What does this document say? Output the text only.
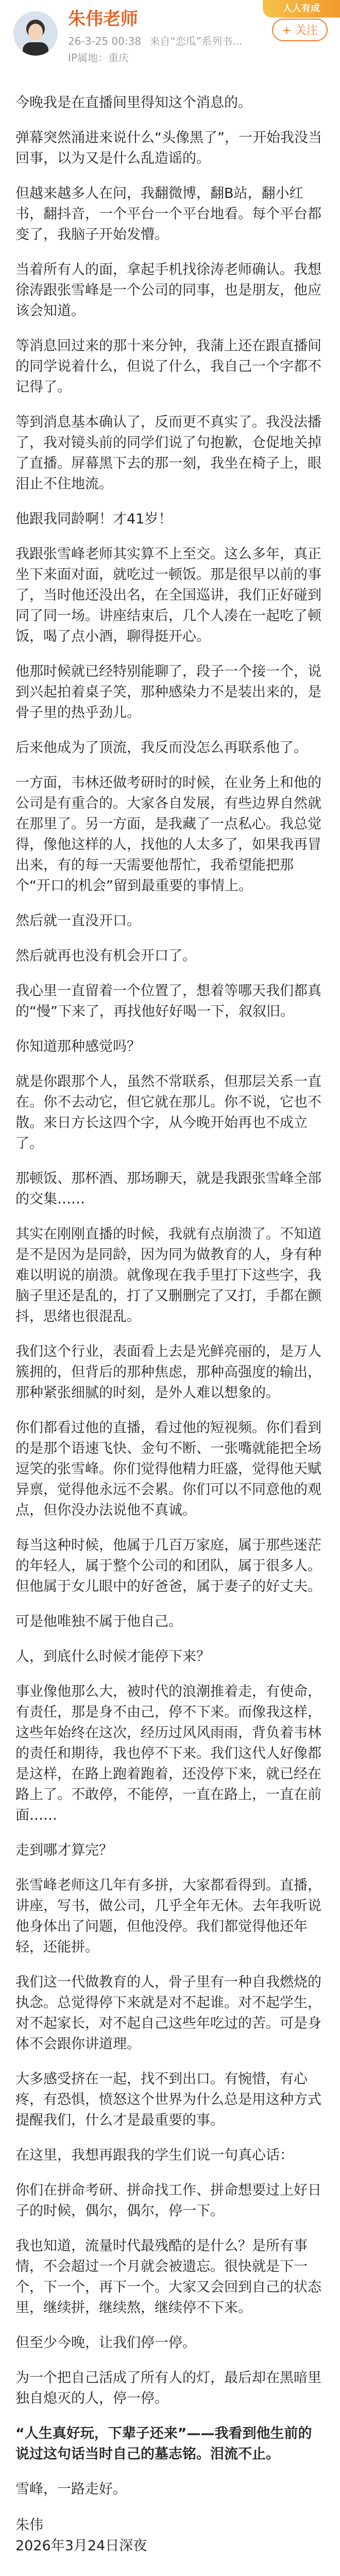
朱伟老师
26-3-25 00:38 来自“恋瓜”系列书...
IP属地：重庆
人人有成
+ 关注

今晚我是在直播间里得知这个消息的。

弹幕突然涌进来说什么“头像黑了”，一开始我没当回事，以为又是什么乱造谣的。

但越来越多人在问，我翻微博，翻B站，翻小红书，翻抖音，一个平台一个平台地看。每个平台都变了，我脑子开始发懵。

当着所有人的面，拿起手机找徐涛老师确认。我想徐涛跟张雪峰是一个公司的同事，也是朋友，他应该会知道。

等消息回过来的那十来分钟，我蒲上还在跟直播间的同学说着什么，但说了什么，我自己一个字都不记得了。

等到消息基本确认了，反而更不真实了。我没法播了，我对镜头前的同学们说了句抱歉，仓促地关掉了直播。屏幕黑下去的那一刻，我坐在椅子上，眼泪止不住地流。

他跟我同龄啊！才41岁！

我跟张雪峰老师其实算不上至交。这么多年，真正坐下来面对面，就吃过一顿饭。那是很早以前的事了，当时他还没出名，在全国巡讲，我们正好碰到同了同一场。讲座结束后，几个人凑在一起吃了顿饭，喝了点小酒，聊得挺开心。

他那时候就已经特别能聊了，段子一个接一个，说到兴起拍着桌子笑，那种感染力不是装出来的，是骨子里的热乎劲儿。

后来他成为了顶流，我反而没怎么再联系他了。

一方面，韦林还做考研时的时候，在业务上和他的公司是有重合的。大家各自发展，有些边界自然就在那里了。另一方面，是我藏了一点私心。我总觉得，像他这样的人，找他的人太多了，如果我再冒出来，有的每一天需要他帮忙，我希望能把那个“开口的机会”留到最重要的事情上。

然后就一直没开口。

然后就再也没有机会开口了。

我心里一直留着一个位置了，想着等哪天我们都真的“慢”下来了，再找他好好喝一下，叙叙旧。

你知道那种感觉吗？

就是你跟那个人，虽然不常联系，但那层关系一直在。你不去动它，但它就在那儿。你不说，它也不散。来日方长这四个字，从今晚开始再也不成立了。

那顿饭、那杯酒、那场聊天，就是我跟张雪峰全部的交集……

其实在刚刚直播的时候，我就有点崩溃了。不知道是不是因为是同龄，因为同为做教育的人，身有种难以明说的崩溃。就像现在我手里打下这些字，我脑子里还是乱的，打了又删删完了又打，手都在颤抖，思绪也很混乱。

我们这个行业，表面看上去是光鲜亮丽的，是万人簇拥的，但背后的那种焦虑，那种高强度的输出，那种紧张细腻的时刻，是外人难以想象的。

你们都看过他的直播，看过他的短视频。你们看到的是那个语速飞快、金句不断、一张嘴就能把全场逗笑的张雪峰。你们觉得他精力旺盛，觉得他天赋异禀，觉得他永远不会累。你们可以不同意他的观点，但你没办法说他不真诚。

每当这种时候，他属于几百万家庭，属于那些迷茫的年轻人，属于整个公司的和团队，属于很多人。但他属于女儿眼中的好爸爸，属于妻子的好丈夫。

可是他唯独不属于他自己。

人，到底什么时候才能停下来？

事业像他那么大，被时代的浪潮推着走，有使命，有责任，那是身不由己，停不下来。而像我这样，这些年始终在这次，经历过风风雨雨，背负着韦林的责任和期待，我也停不下来。我们这代人好像都是这样，在路上跑着跑着，还没停下来，就已经在路上了。不敢停，不能停，一直在路上，一直在前面……

走到哪才算完？

张雪峰老师这几年有多拼，大家都看得到。直播，讲座，写书，做公司，几乎全年无休。去年我听说他身体出了问题，但他没停。我们都觉得他还年轻，还能拼。

我们这一代做教育的人，骨子里有一种自我燃烧的执念。总觉得停下来就是对不起谁。对不起学生，对不起家长，对不起自己这些年吃过的苦。可是身体不会跟你讲道理。

大多感受挤在一起，找不到出口。有惋惜，有心疼，有恐惧，愤怒这个世界为什么总是用这种方式提醒我们，什么才是最重要的事。

在这里，我想再跟我的学生们说一句真心话：

你们在拼命考研、拼命找工作、拼命想要过上好日子的时候，偶尔，偶尔，停一下。

我也知道，流量时代最残酷的是什么？是所有事情，不会超过一个月就会被遗忘。很快就是下一个，下一个，再下一个。大家又会回到自己的状态里，继续拼，继续熬，继续停不下来。

但至少今晚，让我们停一停。

为一个把自己活成了所有人的灯，最后却在黑暗里独自熄灭的人，停一停。

“人生真好玩，下辈子还来”——我看到他生前的说过这句话当时自己的墓志铭。泪流不止。

雪峰，一路走好。

朱伟

2026年3月24日深夜
